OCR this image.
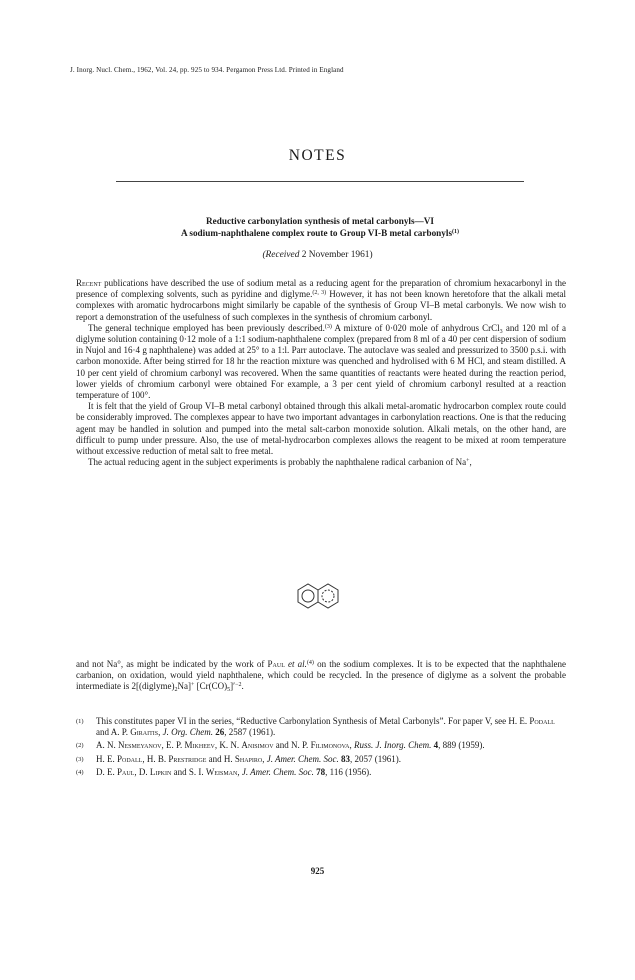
J. Inorg. Nucl. Chem., 1962, Vol. 24, pp. 925 to 934. Pergamon Press Ltd. Printed in England
NOTES
Reductive carbonylation synthesis of metal carbonyls—VI
A sodium-naphthalene complex route to Group VI-B metal carbonyls$^{(1)}$
(Received 2 November 1961)

Recent publications have described the use of sodium metal as a reducing agent for the preparation of chromium hexacarbonyl in the presence of complexing solvents, such as pyridine and diglyme.$^{(2, 3)}$ However, it has not been known heretofore that the alkali metal complexes with aromatic hydrocarbons might similarly be capable of the synthesis of Group VI–B metal carbonyls. We now wish to report a demonstration of the usefulness of such complexes in the synthesis of chromium carbonyl.

The general technique employed has been previously described.$^{(3)}$ A mixture of 0·020 mole of anhydrous CrCl$_3$ and 120 ml of a diglyme solution containing 0·12 mole of a 1:1 sodium-naphthalene complex (prepared from 8 ml of a 40 per cent dispersion of sodium in Nujol and 16·4 g naphthalene) was added at 25° to a 1:l. Parr autoclave. The autoclave was sealed and pressurized to 3500 p.s.i. with carbon monoxide. After being stirred for 18 hr the reaction mixture was quenched and hydrolised with 6 M HCl, and steam distilled. A 10 per cent yield of chromium carbonyl was recovered. When the same quantities of reactants were heated during the reaction period, lower yields of chromium carbonyl were obtained For example, a 3 per cent yield of chromium carbonyl resulted at a reaction temperature of 100°.

It is felt that the yield of Group VI–B metal carbonyl obtained through this alkali metal-aromatic hydrocarbon complex route could be considerably improved. The complexes appear to have two important advantages in carbonylation reactions. One is that the reducing agent may be handled in solution and pumped into the metal salt-carbon monoxide solution. Alkali metals, on the other hand, are difficult to pump under pressure. Also, the use of metal-hydrocarbon complexes allows the reagent to be mixed at room temperature without excessive reduction of metal salt to free metal.

The actual reducing agent in the subject experiments is probably the naphthalene radical carbanion of Na+,

and not Na°, as might be indicated by the work of Paul et al.$^{(4)}$ on the sodium complexes. It is to be expected that the naphthalene carbanion, on oxidation, would yield naphthalene, which could be recycled. In the presence of diglyme as a solvent the probable intermediate is $2[(diglyme)_2Na]^+$ $[Cr(CO)_5]'^{-2}$.

(1) This constitutes paper VI in the series, “Reductive Carbonylation Synthesis of Metal Carbonyls”. For paper V, see H. E. Podall and A. P. Giraitis, J. Org. Chem. 26, 2587 (1961).
(2) A. N. Nesmeyanov, E. P. Mikheev, K. N. Anisimov and N. P. Filimonova, Russ. J. Inorg. Chem. 4, 889 (1959).
(3) H. E. Podall, H. B. Prestridge and H. Shapiro, J. Amer. Chem. Soc. 83, 2057 (1961).
(4) D. E. Paul, D. Lipkin and S. I. Weisman, J. Amer. Chem. Soc. 78, 116 (1956).
925
